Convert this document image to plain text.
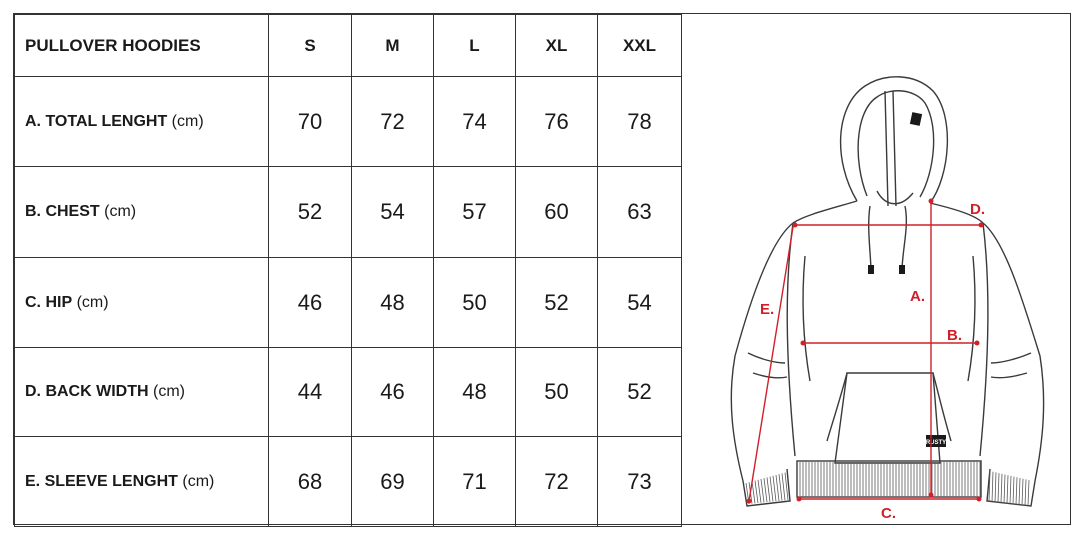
PULLOVER HOODIES	S	M	L	XL	XXL
A. TOTAL LENGHT (cm)	70	72	74	76	78
B. CHEST (cm)	52	54	57	60	63
C. HIP (cm)	46	48	50	52	54
D. BACK WIDTH (cm)	44	46	48	50	52
E. SLEEVE LENGHT (cm)	68	69	71	72	73
RUSTY
D.
A.
B.
E.
C.
